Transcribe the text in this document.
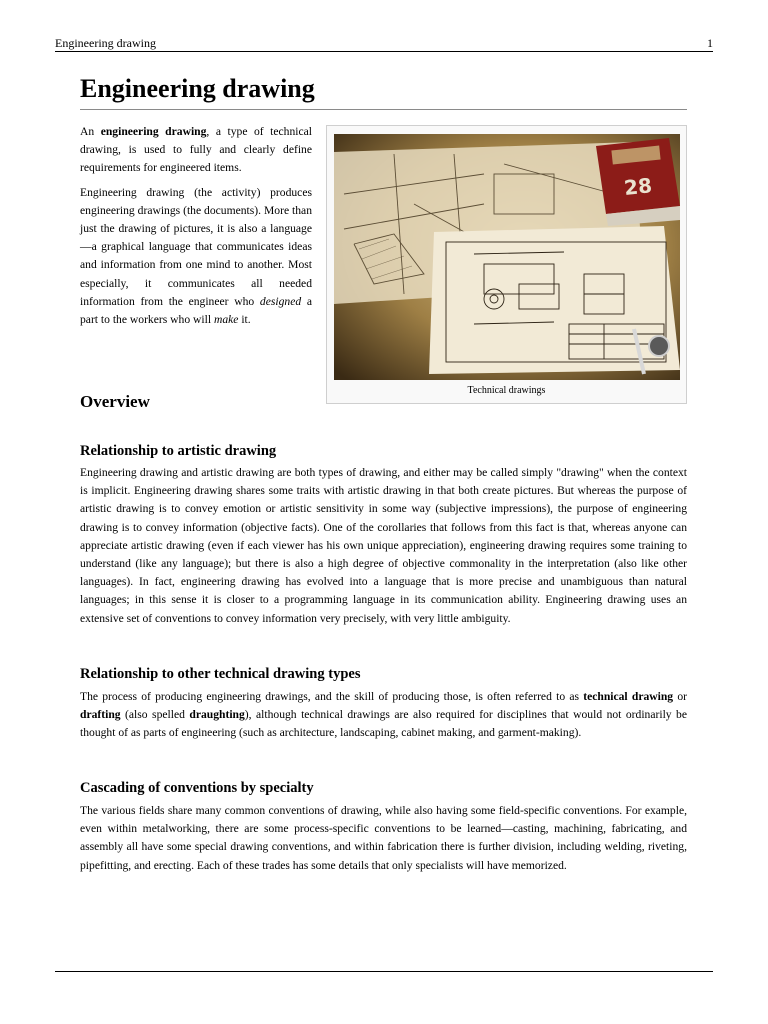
Engineering drawing	1
Engineering drawing

An engineering drawing, a type of technical drawing, is used to fully and clearly define requirements for engineered items.

Engineering drawing (the activity) produces engineering drawings (the documents). More than just the drawing of pictures, it is also a language—a graphical language that communicates ideas and information from one mind to another. Most especially, it communicates all needed information from the engineer who designed a part to the workers who will make it.

28
Technical drawings
Overview
Relationship to artistic drawing

Engineering drawing and artistic drawing are both types of drawing, and either may be called simply "drawing" when the context is implicit. Engineering drawing shares some traits with artistic drawing in that both create pictures. But whereas the purpose of artistic drawing is to convey emotion or artistic sensitivity in some way (subjective impressions), the purpose of engineering drawing is to convey information (objective facts). One of the corollaries that follows from this fact is that, whereas anyone can appreciate artistic drawing (even if each viewer has his own unique appreciation), engineering drawing requires some training to understand (like any language); but there is also a high degree of objective commonality in the interpretation (also like other languages). In fact, engineering drawing has evolved into a language that is more precise and unambiguous than natural languages; in this sense it is closer to a programming language in its communication ability. Engineering drawing uses an extensive set of conventions to convey information very precisely, with very little ambiguity.

Relationship to other technical drawing types

The process of producing engineering drawings, and the skill of producing those, is often referred to as technical drawing or drafting (also spelled draughting), although technical drawings are also required for disciplines that would not ordinarily be thought of as parts of engineering (such as architecture, landscaping, cabinet making, and garment-making).

Cascading of conventions by specialty

The various fields share many common conventions of drawing, while also having some field-specific conventions. For example, even within metalworking, there are some process-specific conventions to be learned—casting, machining, fabricating, and assembly all have some special drawing conventions, and within fabrication there is further division, including welding, riveting, pipefitting, and erecting. Each of these trades has some details that only specialists will have memorized.
